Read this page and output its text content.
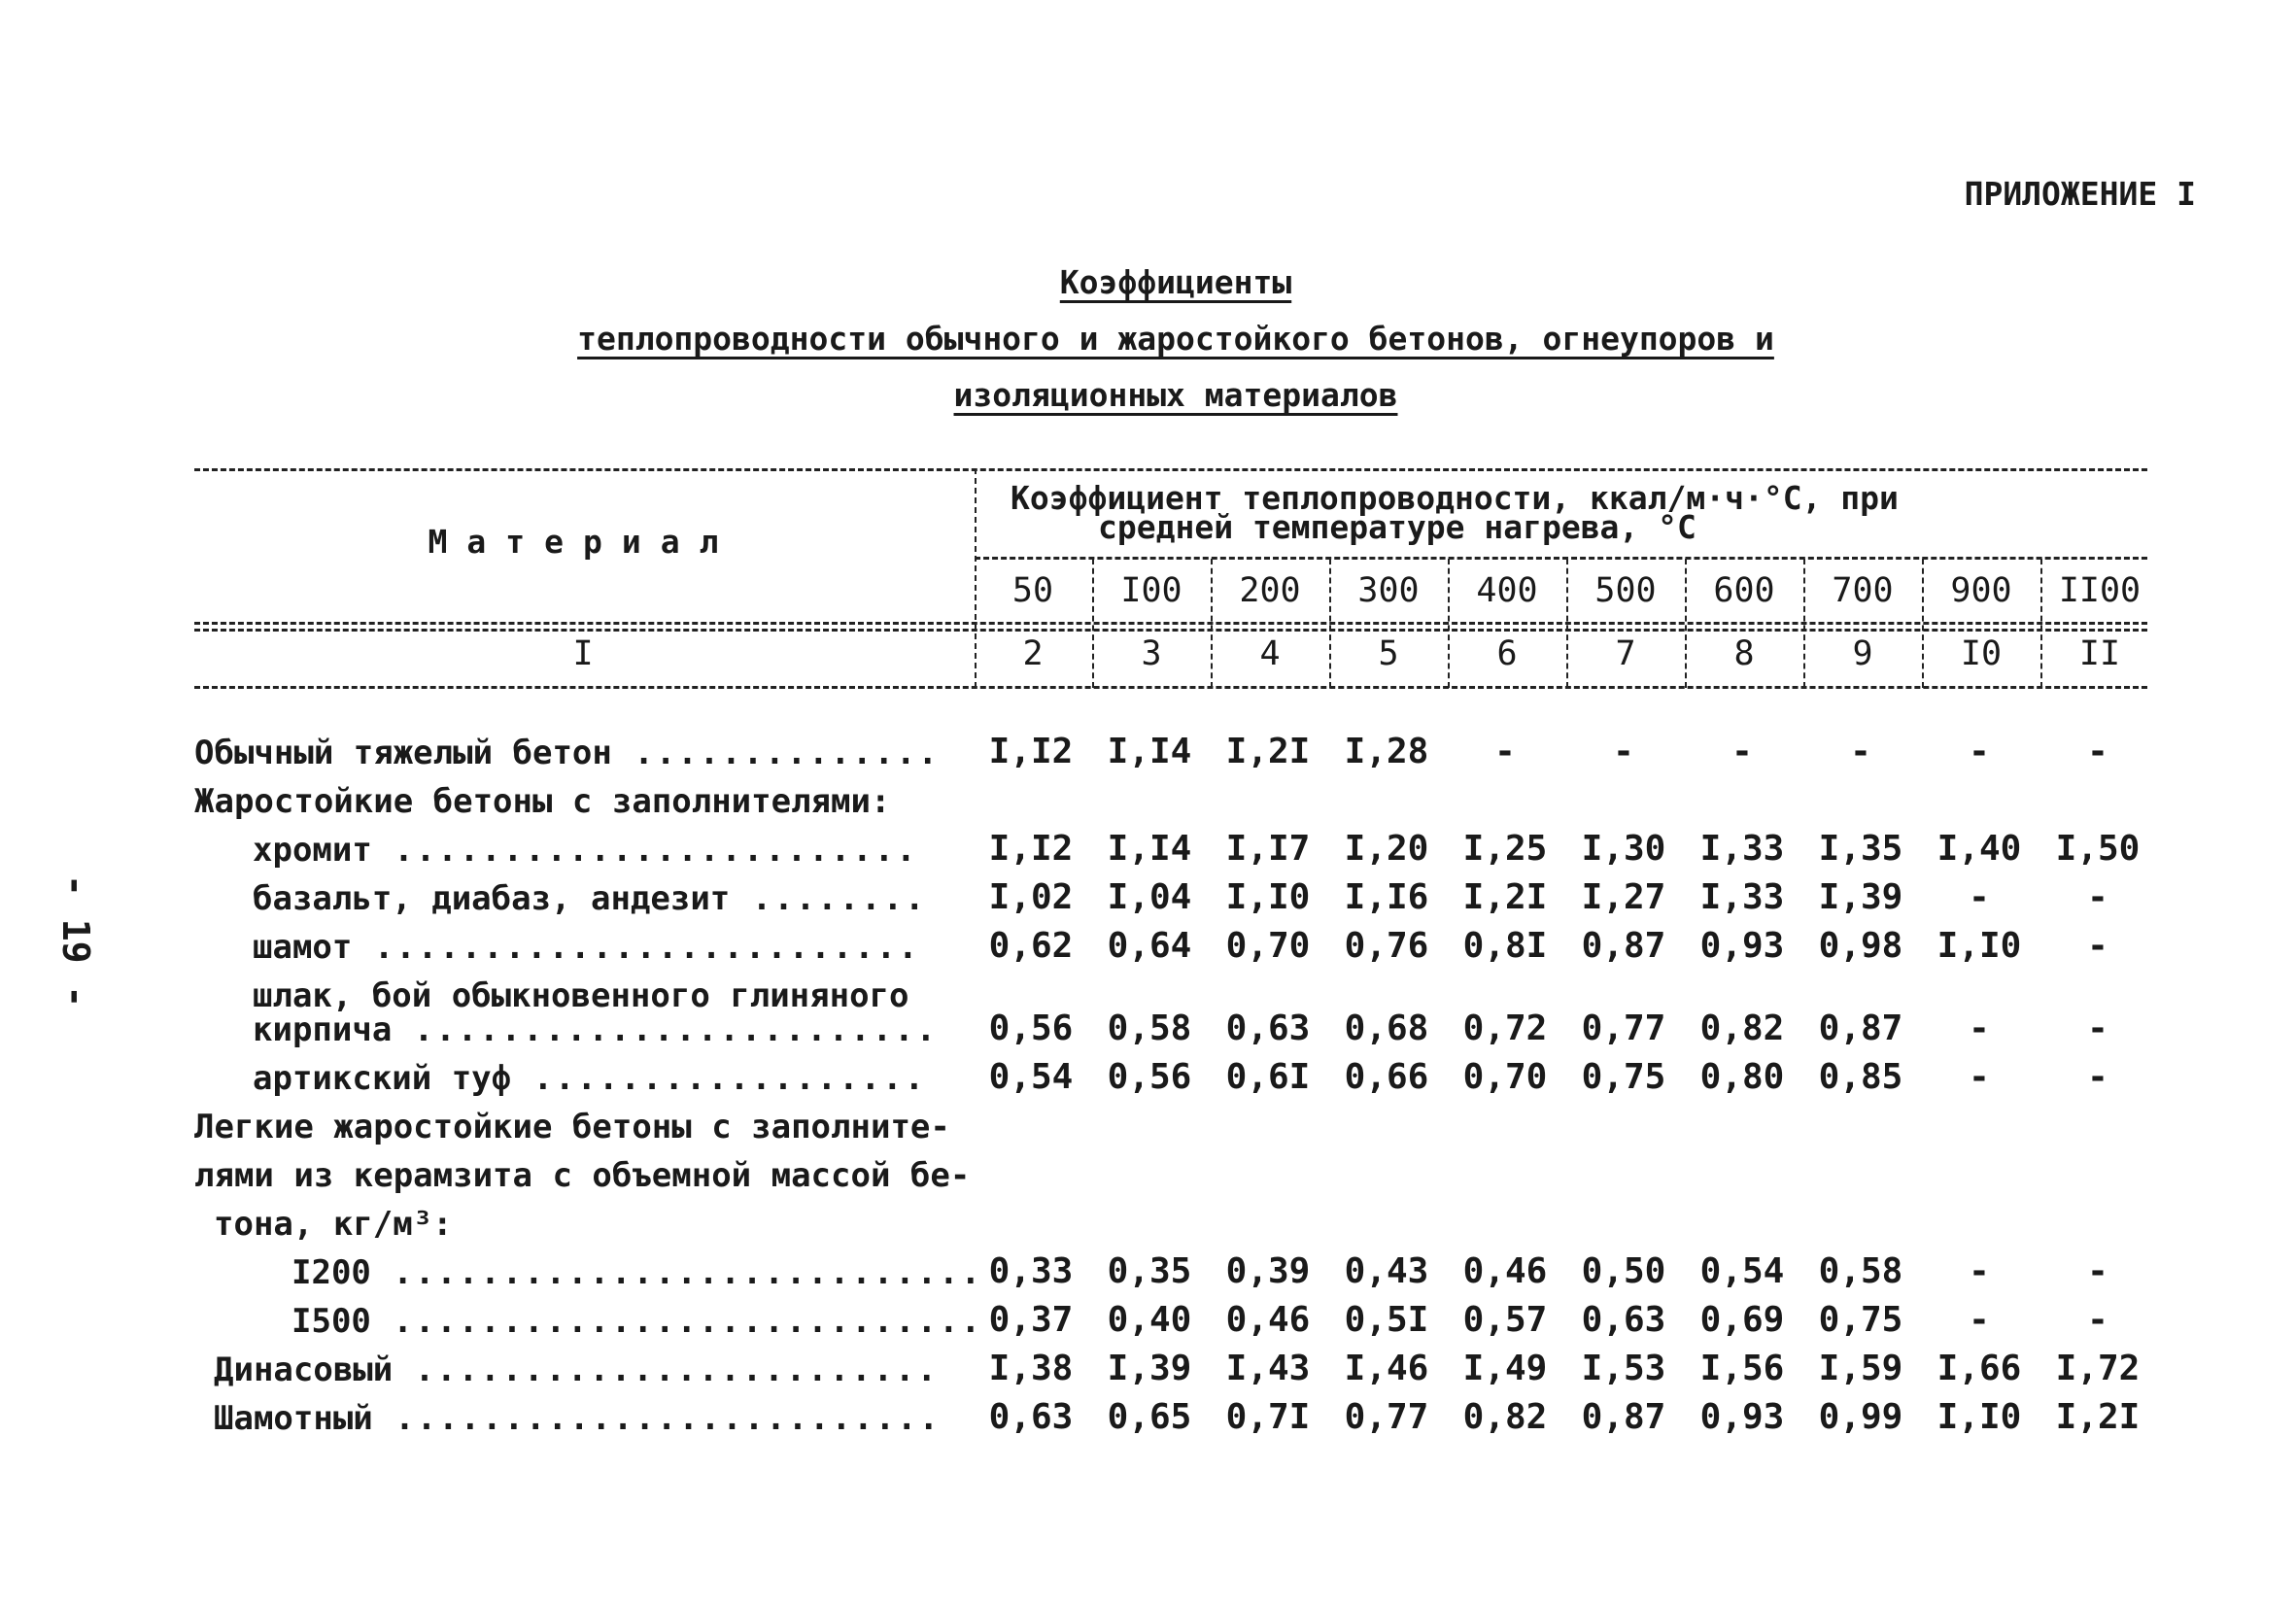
ПРИЛОЖЕНИЕ I
Коэффициенты
теплопроводности обычного и жаростойкого бетонов, огнеупоров и
изоляционных материалов
- 19 -
Материал
Коэффициент теплопроводности, ккал/м·ч·°С, при
средней температуре нагрева, °С
I
50	I00	200	300	400	500	600	700	900	II00
2	3	4	5	6	7	8	9	I0	II
Обычный тяжелый бетон ..............	I,I2 I,I4 I,2I I,28	-	-	-	-	-	-
Жаростойкие бетоны с заполнителями:
хромит ........................	I,I2 I,I4 I,I7 I,20 I,25 I,30 I,33 I,35 I,40 I,50
базальт, диабаз, андезит ........	I,02 I,04 I,I0 I,I6 I,2I I,27 I,33 I,39	-	-
шамот .........................	0,62 0,64 0,70 0,76 0,8I 0,87 0,93 0,98 I,I0	-
шлак, бой обыкновенного глиняного
кирпича ........................	0,56 0,58 0,63 0,68 0,72 0,77 0,82 0,87	-	-
артикский туф ..................	0,54 0,56 0,6I 0,66 0,70 0,75 0,80 0,85	-	-
Легкие жаростойкие бетоны с заполните-
лями из керамзита с объемной массой бе-
тона, кг/м³:
I200 ........................... 0,33 0,35 0,39 0,43 0,46 0,50 0,54 0,58	-	-
I500 ........................... 0,37 0,40 0,46 0,5I 0,57 0,63 0,69 0,75	-	-
Динасовый ........................	I,38 I,39 I,43 I,46 I,49 I,53 I,56 I,59 I,66 I,72
Шамотный .........................	0,63 0,65 0,7I 0,77 0,82 0,87 0,93 0,99 I,I0 I,2I
